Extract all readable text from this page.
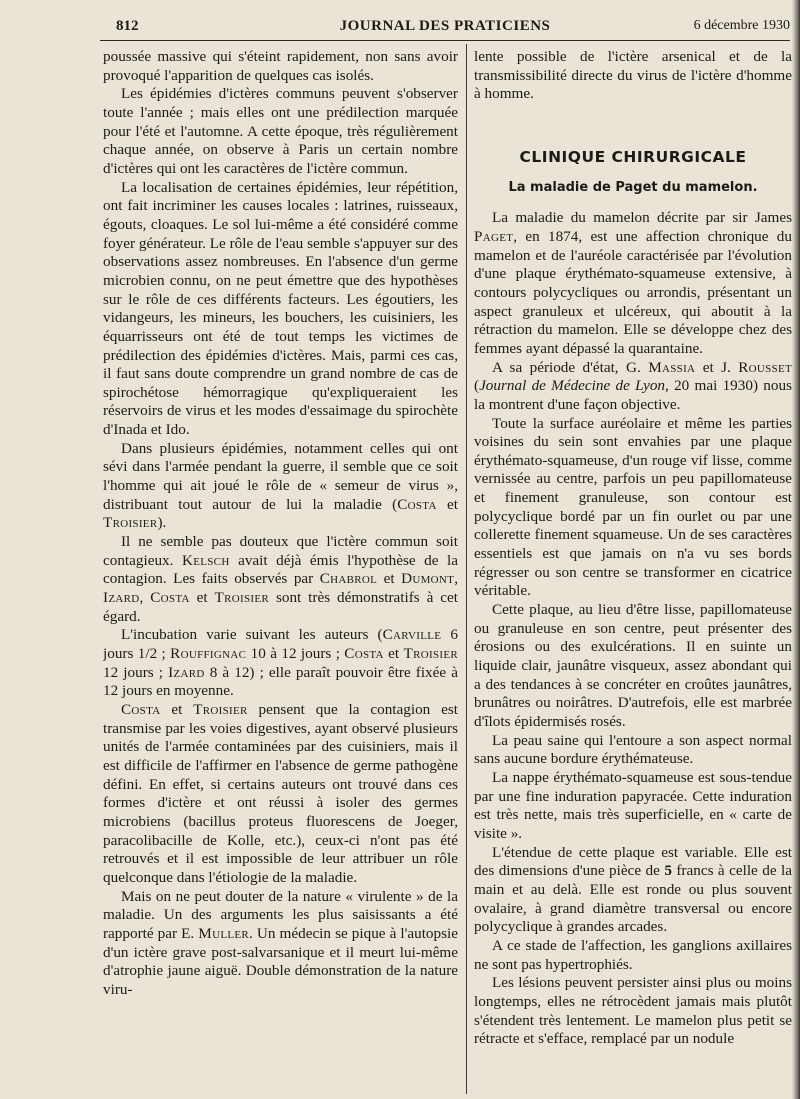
812	JOURNAL DES PRATICIENS	6 décembre 1930

poussée massive qui s'éteint rapidement, non sans avoir provoqué l'apparition de quelques cas isolés.

Les épidémies d'ictères communs peuvent s'observer toute l'année ; mais elles ont une prédilection marquée pour l'été et l'automne. A cette époque, très régulièrement chaque année, on observe à Paris un certain nombre d'ictères qui ont les caractères de l'ictère commun.

La localisation de certaines épidémies, leur répétition, ont fait incriminer les causes locales : latrines, ruisseaux, égouts, cloaques. Le sol lui-même a été considéré comme foyer générateur. Le rôle de l'eau semble s'appuyer sur des observations assez nombreuses. En l'absence d'un germe microbien connu, on ne peut émettre que des hypothèses sur le rôle de ces différents facteurs. Les égoutiers, les vidangeurs, les mineurs, les bouchers, les cuisiniers, les équarrisseurs ont été de tout temps les victimes de prédilection des épidémies d'ictères. Mais, parmi ces cas, il faut sans doute comprendre un grand nombre de cas de spirochétose hémorragique qu'expliqueraient les réservoirs de virus et les modes d'essaimage du spirochète d'Inada et Ido.

Dans plusieurs épidémies, notamment celles qui ont sévi dans l'armée pendant la guerre, il semble que ce soit l'homme qui ait joué le rôle de « semeur de virus », distribuant tout autour de lui la maladie (Costa et Troisier).

Il ne semble pas douteux que l'ictère commun soit contagieux. Kelsch avait déjà émis l'hypothèse de la contagion. Les faits observés par Chabrol et Dumont, Izard, Costa et Troisier sont très démonstratifs à cet égard.

L'incubation varie suivant les auteurs (Carville 6 jours 1/2 ; Rouffignac 10 à 12 jours ; Costa et Troisier 12 jours ; Izard 8 à 12) ; elle paraît pouvoir être fixée à 12 jours en moyenne.

Costa et Troisier pensent que la contagion est transmise par les voies digestives, ayant observé plusieurs unités de l'armée contaminées par des cuisiniers, mais il est difficile de l'affirmer en l'absence de germe pathogène défini. En effet, si certains auteurs ont trouvé dans ces formes d'ictère et ont réussi à isoler des germes microbiens (bacillus proteus fluorescens de Joeger, paracolibacille de Kolle, etc.), ceux-ci n'ont pas été retrouvés et il est impossible de leur attribuer un rôle quelconque dans l'étiologie de la maladie.

Mais on ne peut douter de la nature « virulente » de la maladie. Un des arguments les plus saisissants a été rapporté par E. Muller. Un médecin se pique à l'autopsie d'un ictère grave post-salvarsanique et il meurt lui-même d'atrophie jaune aiguë. Double démonstration de la nature viru-

lente possible de l'ictère arsenical et de la transmissibilité directe du virus de l'ictère d'homme à homme.

CLINIQUE CHIRURGICALE
La maladie de Paget du mamelon.

La maladie du mamelon décrite par sir James Paget, en 1874, est une affection chronique du mamelon et de l'auréole caractérisée par l'évolution d'une plaque érythémato-squameuse extensive, à contours polycycliques ou arrondis, présentant un aspect granuleux et ulcéreux, qui aboutit à la rétraction du mamelon. Elle se développe chez des femmes ayant dépassé la quarantaine.

A sa période d'état, G. Massia et J. Rousset (Journal de Médecine de Lyon, 20 mai 1930) nous la montrent d'une façon objective.

Toute la surface auréolaire et même les parties voisines du sein sont envahies par une plaque érythémato-squameuse, d'un rouge vif lisse, comme vernissée au centre, parfois un peu papillomateuse et finement granuleuse, son contour est polycyclique bordé par un fin ourlet ou par une collerette finement squameuse. Un de ses caractères essentiels est que jamais on n'a vu ses bords régresser ou son centre se transformer en cicatrice véritable.

Cette plaque, au lieu d'être lisse, papillomateuse ou granuleuse en son centre, peut présenter des érosions ou des exulcérations. Il en suinte un liquide clair, jaunâtre visqueux, assez abondant qui a des tendances à se concréter en croûtes jaunâtres, brunâtres ou noirâtres. D'autrefois, elle est marbrée d'îlots épidermisés rosés.

La peau saine qui l'entoure a son aspect normal sans aucune bordure érythémateuse.

La nappe érythémato-squameuse est sous-tendue par une fine induration papyracée. Cette induration est très nette, mais très superficielle, en « carte de visite ».

L'étendue de cette plaque est variable. Elle est des dimensions d'une pièce de 5 francs à celle de la main et au delà. Elle est ronde ou plus souvent ovalaire, à grand diamètre transversal ou encore polycyclique à grandes arcades.

A ce stade de l'affection, les ganglions axillaires ne sont pas hypertrophiés.

Les lésions peuvent persister ainsi plus ou moins longtemps, elles ne rétrocèdent jamais mais plutôt s'étendent très lentement. Le mamelon plus petit se rétracte et s'efface, remplacé par un nodule
